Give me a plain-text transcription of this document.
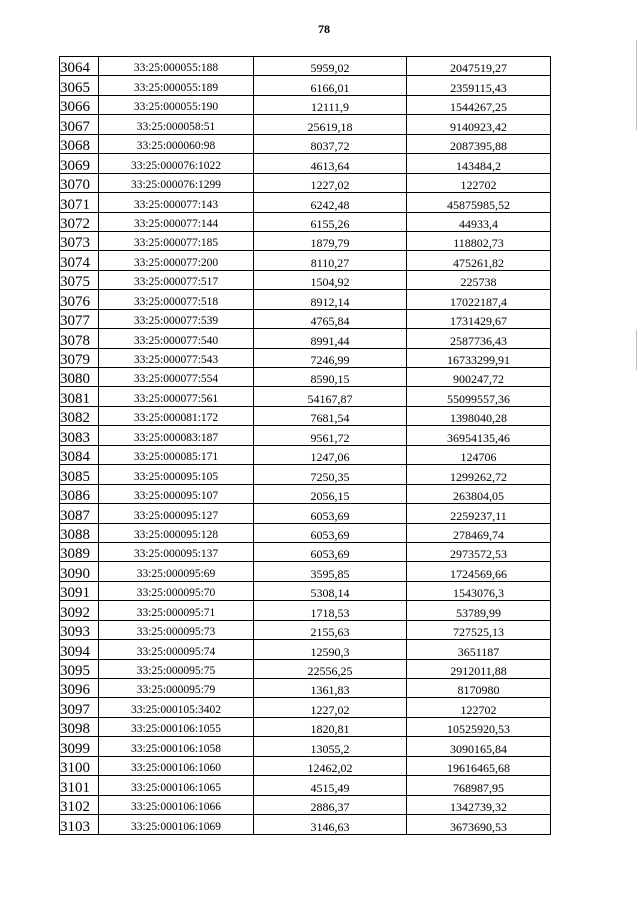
78
3064	33:25:000055:188	5959,02	2047519,27
3065	33:25:000055:189	6166,01	2359115,43
3066	33:25:000055:190	12111,9	1544267,25
3067	33:25:000058:51	25619,18	9140923,42
3068	33:25:000060:98	8037,72	2087395,88
3069	33:25:000076:1022	4613,64	143484,2
3070	33:25:000076:1299	1227,02	122702
3071	33:25:000077:143	6242,48	45875985,52
3072	33:25:000077:144	6155,26	44933,4
3073	33:25:000077:185	1879,79	118802,73
3074	33:25:000077:200	8110,27	475261,82
3075	33:25:000077:517	1504,92	225738
3076	33:25:000077:518	8912,14	17022187,4
3077	33:25:000077:539	4765,84	1731429,67
3078	33:25:000077:540	8991,44	2587736,43
3079	33:25:000077:543	7246,99	16733299,91
3080	33:25:000077:554	8590,15	900247,72
3081	33:25:000077:561	54167,87	55099557,36
3082	33:25:000081:172	7681,54	1398040,28
3083	33:25:000083:187	9561,72	36954135,46
3084	33:25:000085:171	1247,06	124706
3085	33:25:000095:105	7250,35	1299262,72
3086	33:25:000095:107	2056,15	263804,05
3087	33:25:000095:127	6053,69	2259237,11
3088	33:25:000095:128	6053,69	278469,74
3089	33:25:000095:137	6053,69	2973572,53
3090	33:25:000095:69	3595,85	1724569,66
3091	33:25:000095:70	5308,14	1543076,3
3092	33:25:000095:71	1718,53	53789,99
3093	33:25:000095:73	2155,63	727525,13
3094	33:25:000095:74	12590,3	3651187
3095	33:25:000095:75	22556,25	2912011,88
3096	33:25:000095:79	1361,83	8170980
3097	33:25:000105:3402	1227,02	122702
3098	33:25:000106:1055	1820,81	10525920,53
3099	33:25:000106:1058	13055,2	3090165,84
3100	33:25:000106:1060	12462,02	19616465,68
3101	33:25:000106:1065	4515,49	768987,95
3102	33:25:000106:1066	2886,37	1342739,32
3103	33:25:000106:1069	3146,63	3673690,53
